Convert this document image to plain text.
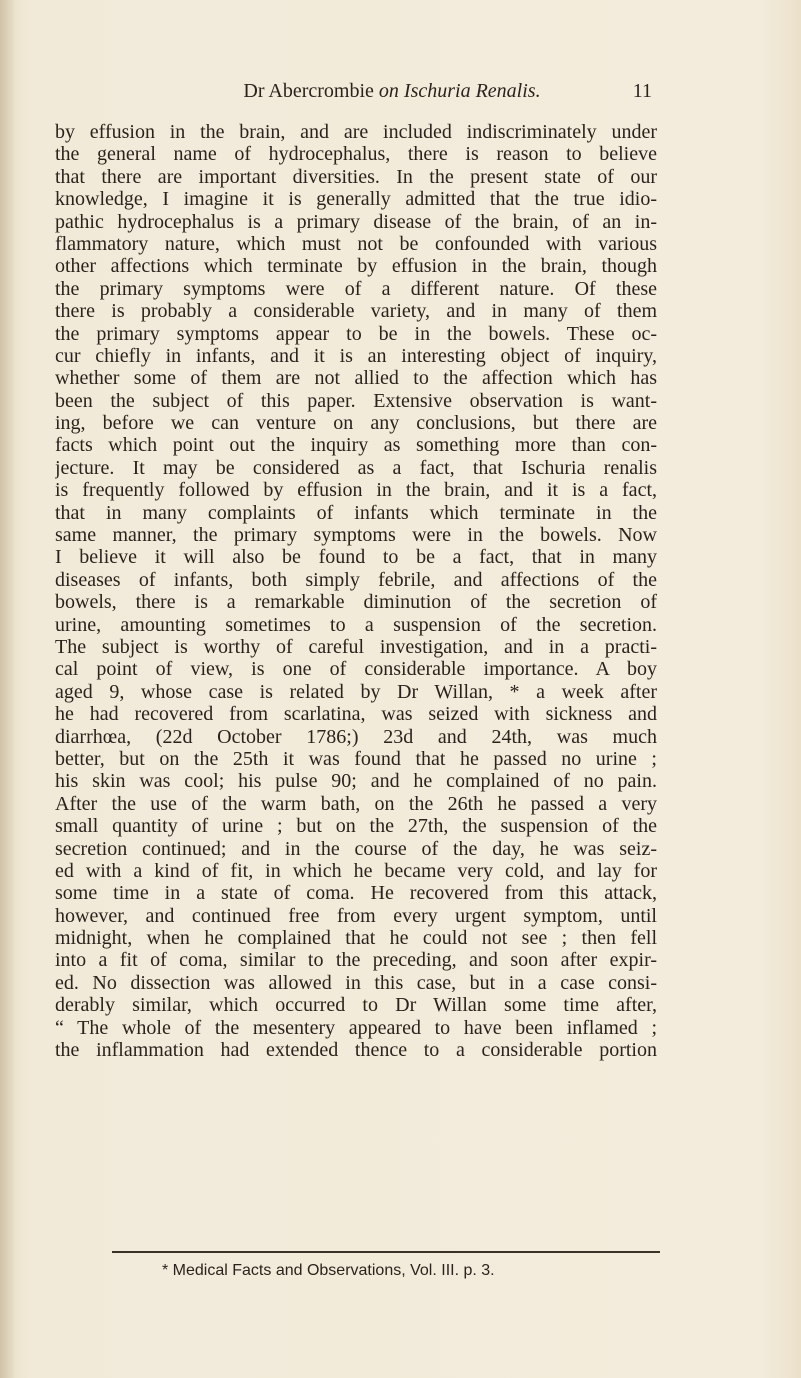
Dr Abercrombie on Ischuria Renalis.	11
by effusion in the brain, and are included indiscriminately under
the general name of hydrocephalus, there is reason to believe
that there are important diversities. In the present state of our
knowledge, I imagine it is generally admitted that the true idio-
pathic hydrocephalus is a primary disease of the brain, of an in-
flammatory nature, which must not be confounded with various
other affections which terminate by effusion in the brain, though
the primary symptoms were of a different nature. Of these
there is probably a considerable variety, and in many of them
the primary symptoms appear to be in the bowels. These oc-
cur chiefly in infants, and it is an interesting object of inquiry,
whether some of them are not allied to the affection which has
been the subject of this paper. Extensive observation is want-
ing, before we can venture on any conclusions, but there are
facts which point out the inquiry as something more than con-
jecture. It may be considered as a fact, that Ischuria renalis
is frequently followed by effusion in the brain, and it is a fact,
that in many complaints of infants which terminate in the
same manner, the primary symptoms were in the bowels. Now
I believe it will also be found to be a fact, that in many
diseases of infants, both simply febrile, and affections of the
bowels, there is a remarkable diminution of the secretion of
urine, amounting sometimes to a suspension of the secretion.
The subject is worthy of careful investigation, and in a practi-
cal point of view, is one of considerable importance. A boy
aged 9, whose case is related by Dr Willan, * a week after
he had recovered from scarlatina, was seized with sickness and
diarrhœa, (22d October 1786;) 23d and 24th, was much
better, but on the 25th it was found that he passed no urine ;
his skin was cool; his pulse 90; and he complained of no pain.
After the use of the warm bath, on the 26th he passed a very
small quantity of urine ; but on the 27th, the suspension of the
secretion continued; and in the course of the day, he was seiz-
ed with a kind of fit, in which he became very cold, and lay for
some time in a state of coma. He recovered from this attack,
however, and continued free from every urgent symptom, until
midnight, when he complained that he could not see ; then fell
into a fit of coma, similar to the preceding, and soon after expir-
ed. No dissection was allowed in this case, but in a case consi-
derably similar, which occurred to Dr Willan some time after,
“ The whole of the mesentery appeared to have been inflamed ;
the inflammation had extended thence to a considerable portion
* Medical Facts and Observations, Vol. III. p. 3.
